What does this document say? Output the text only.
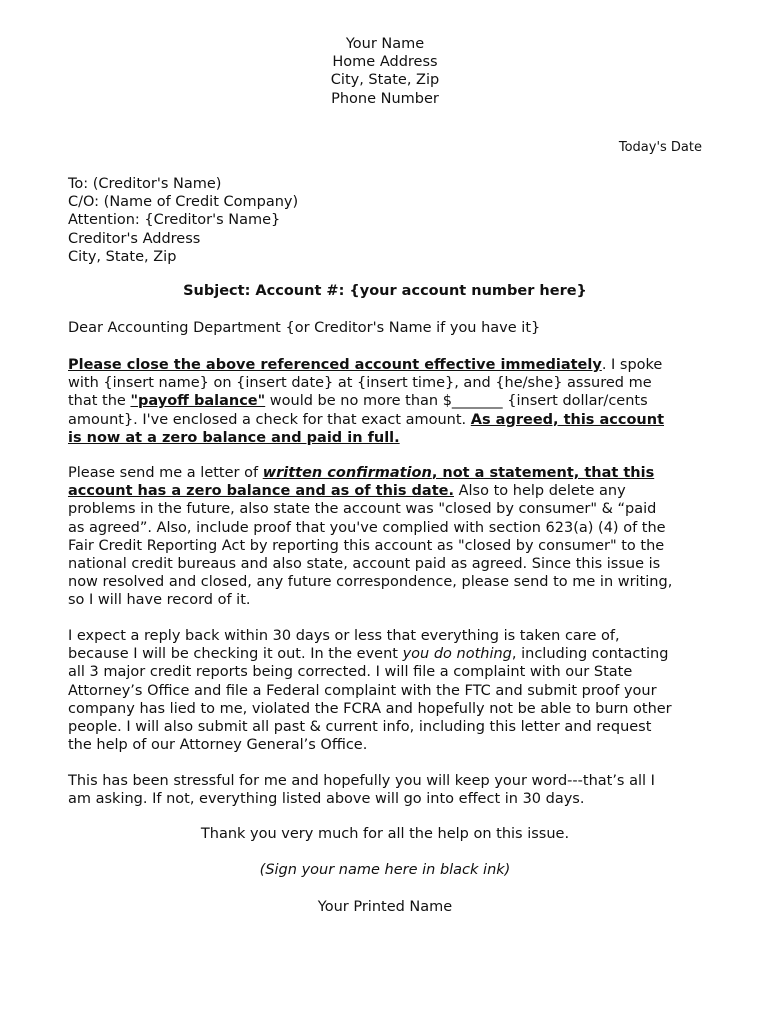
Your Name
Home Address
City, State, Zip
Phone Number
Today's Date
To: (Creditor's Name)
C/O: (Name of Credit Company)
Attention: {Creditor's Name}
Creditor's Address
City, State, Zip
Subject: Account #: {your account number here}
Dear Accounting Department {or Creditor's Name if you have it}
Please close the above referenced account effective immediately. I spoke
with {insert name} on {insert date} at {insert time}, and {he/she} assured me
that the "payoff balance" would be no more than $_______ {insert dollar/cents
amount}. I've enclosed a check for that exact amount. As agreed, this account
is now at a zero balance and paid in full.
Please send me a letter of written confirmation, not a statement, that this
account has a zero balance and as of this date. Also to help delete any
problems in the future, also state the account was "closed by consumer" & “paid
as agreed”. Also, include proof that you've complied with section 623(a) (4) of the
Fair Credit Reporting Act by reporting this account as "closed by consumer" to the
national credit bureaus and also state, account paid as agreed. Since this issue is
now resolved and closed, any future correspondence, please send to me in writing,
so I will have record of it.
I expect a reply back within 30 days or less that everything is taken care of,
because I will be checking it out. In the event you do nothing, including contacting
all 3 major credit reports being corrected. I will file a complaint with our State
Attorney’s Office and file a Federal complaint with the FTC and submit proof your
company has lied to me, violated the FCRA and hopefully not be able to burn other
people. I will also submit all past & current info, including this letter and request
the help of our Attorney General’s Office.
This has been stressful for me and hopefully you will keep your word---that’s all I
am asking. If not, everything listed above will go into effect in 30 days.
Thank you very much for all the help on this issue.
(Sign your name here in black ink)
Your Printed Name
